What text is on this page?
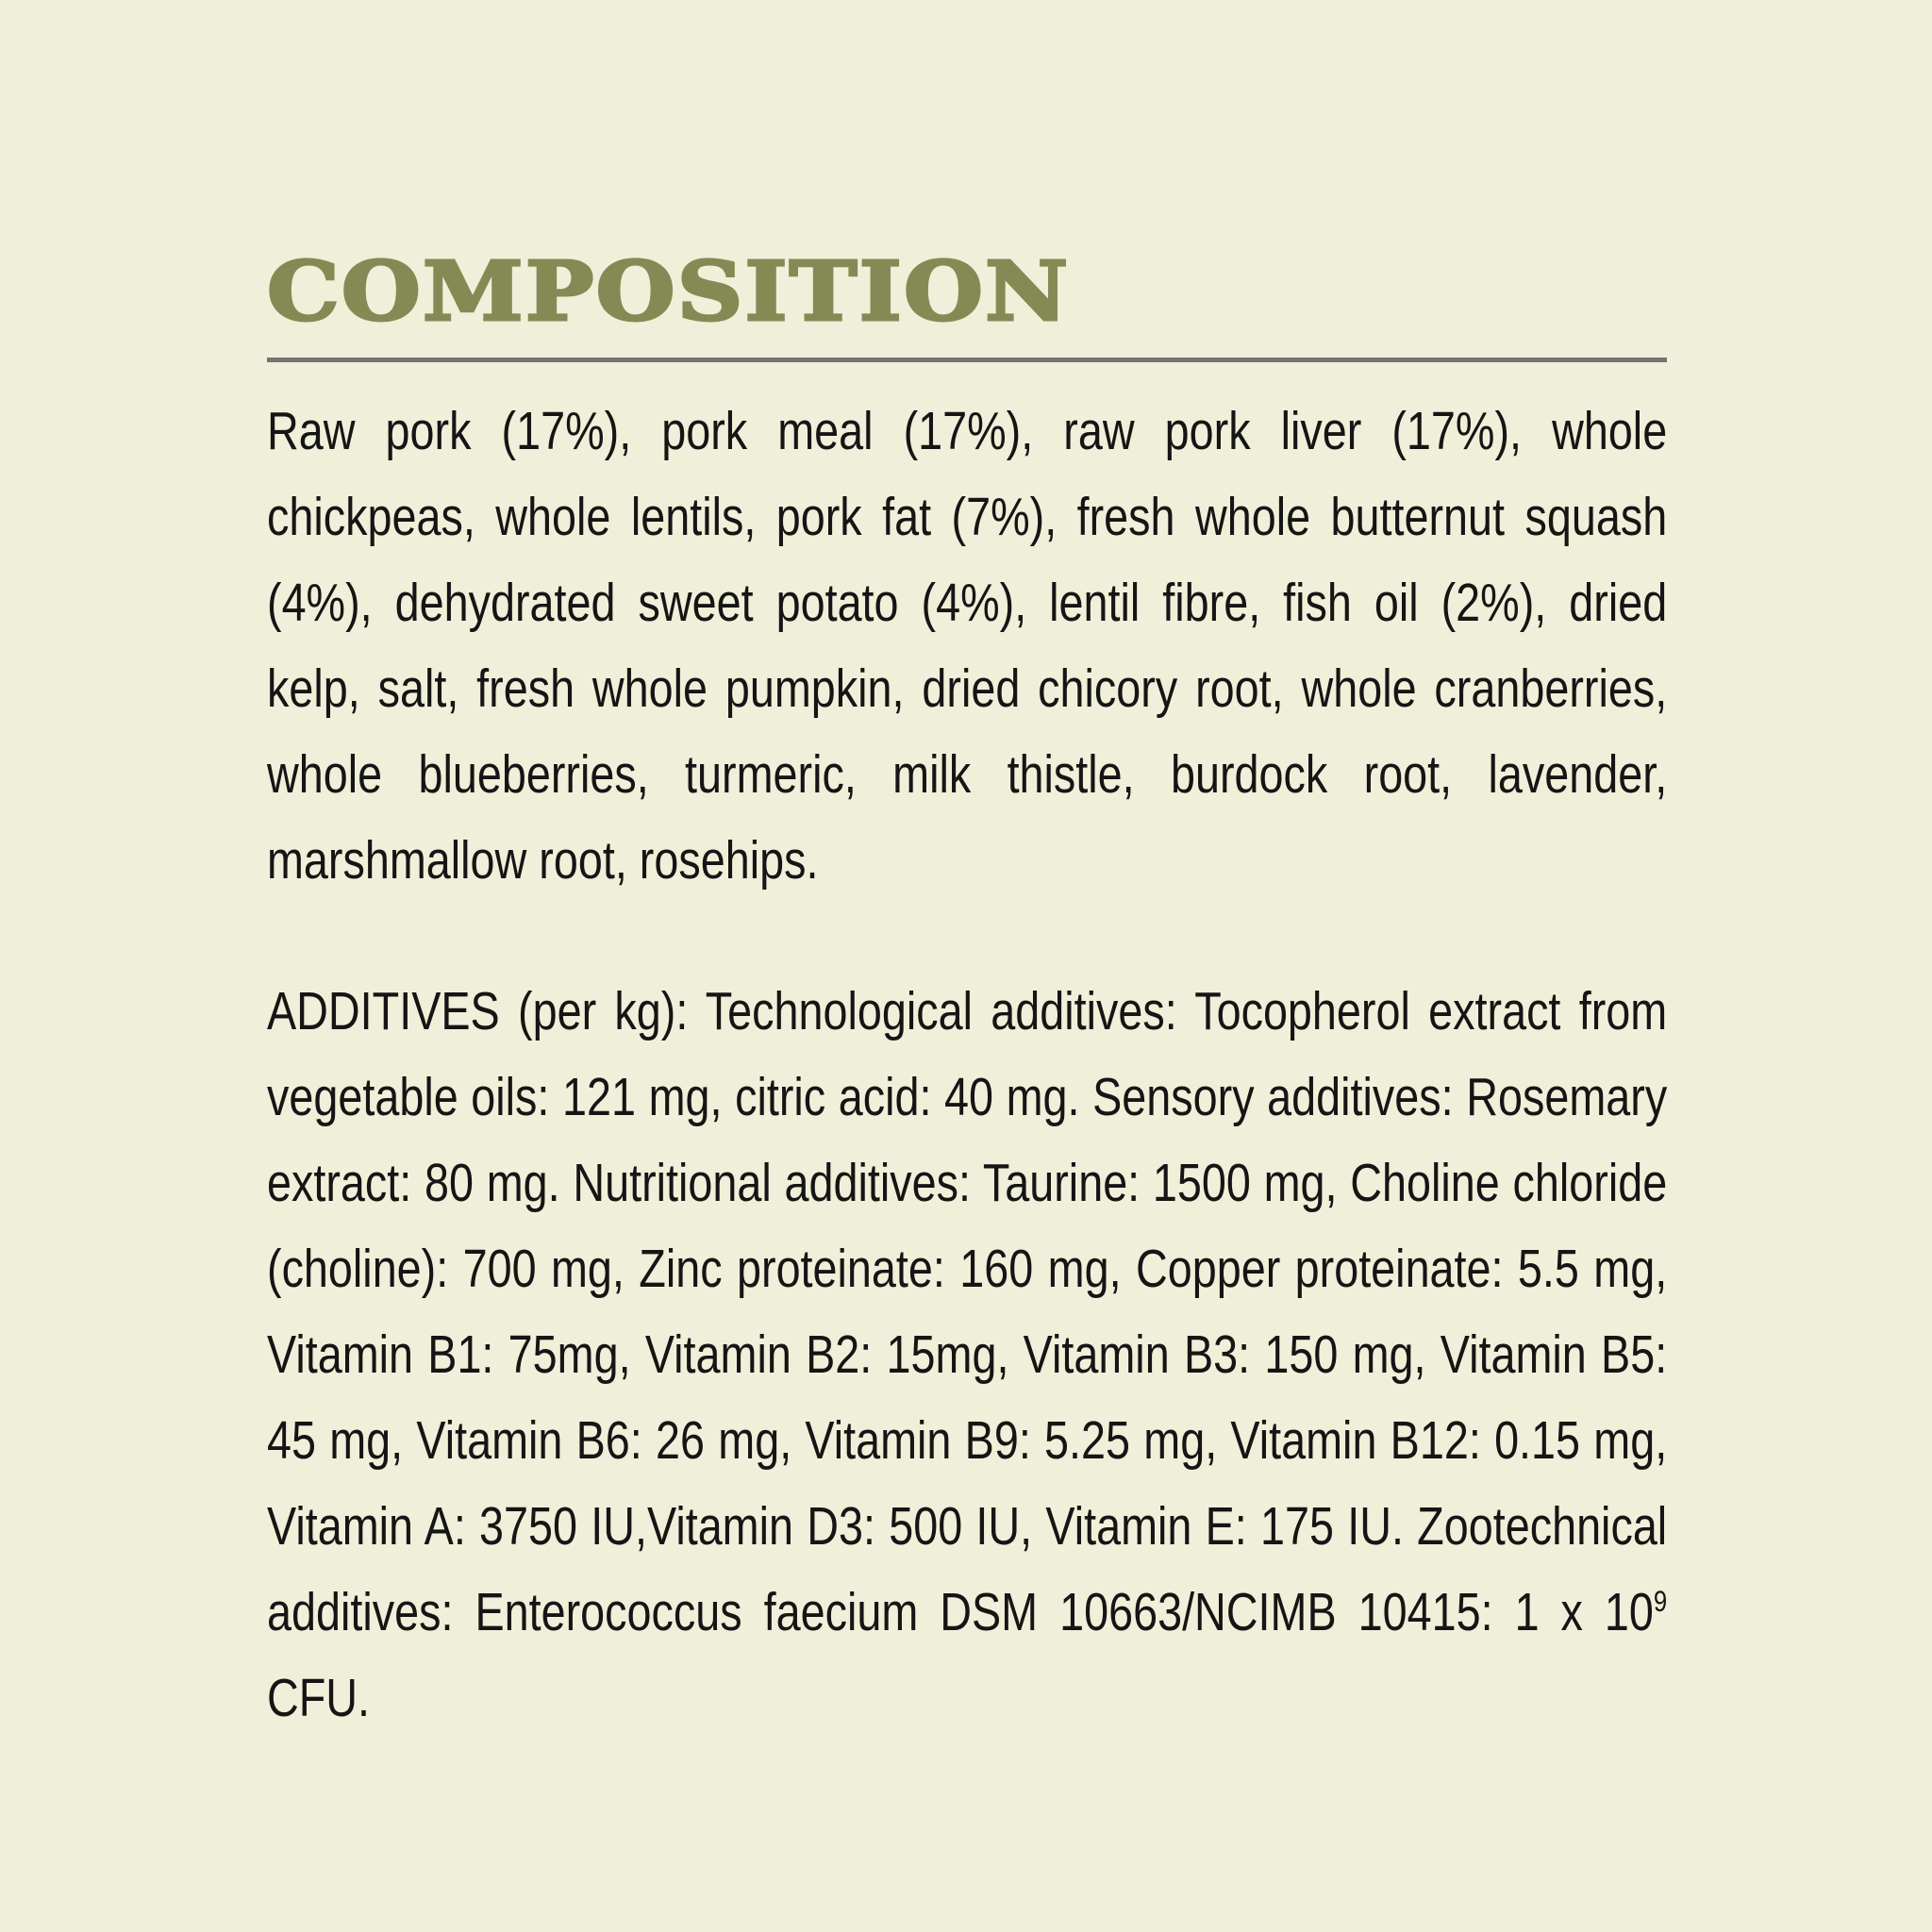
COMPOSITION

Raw pork (17%), pork meal (17%), raw pork liver (17%), whole chickpeas, whole lentils, pork fat (7%), fresh whole butternut squash (4%), dehydrated sweet potato (4%), lentil fibre, fish oil (2%), dried kelp, salt, fresh whole pumpkin, dried chicory root, whole cranberries, whole blueberries, turmeric, milk thistle, burdock root, lavender, marshmallow root, rosehips.

ADDITIVES (per kg): Technological additives: Tocopherol extract from vegetable oils: 121 mg, citric acid: 40 mg. Sensory additives: Rosemary extract: 80 mg. Nutritional additives: Taurine: 1500 mg, Choline chloride (choline): 700 mg, Zinc proteinate: 160 mg, Copper proteinate: 5.5 mg, Vitamin B1: 75mg, Vitamin B2: 15mg, Vitamin B3: 150 mg, Vitamin B5: 45 mg, Vitamin B6: 26 mg, Vitamin B9: 5.25 mg, Vitamin B12: 0.15 mg, Vitamin A: 3750 IU,Vitamin D3: 500 IU, Vitamin E: 175 IU. Zootechnical additives: Enterococcus faecium DSM 10663/NCIMB 10415: 1 x $10^9$ CFU.
